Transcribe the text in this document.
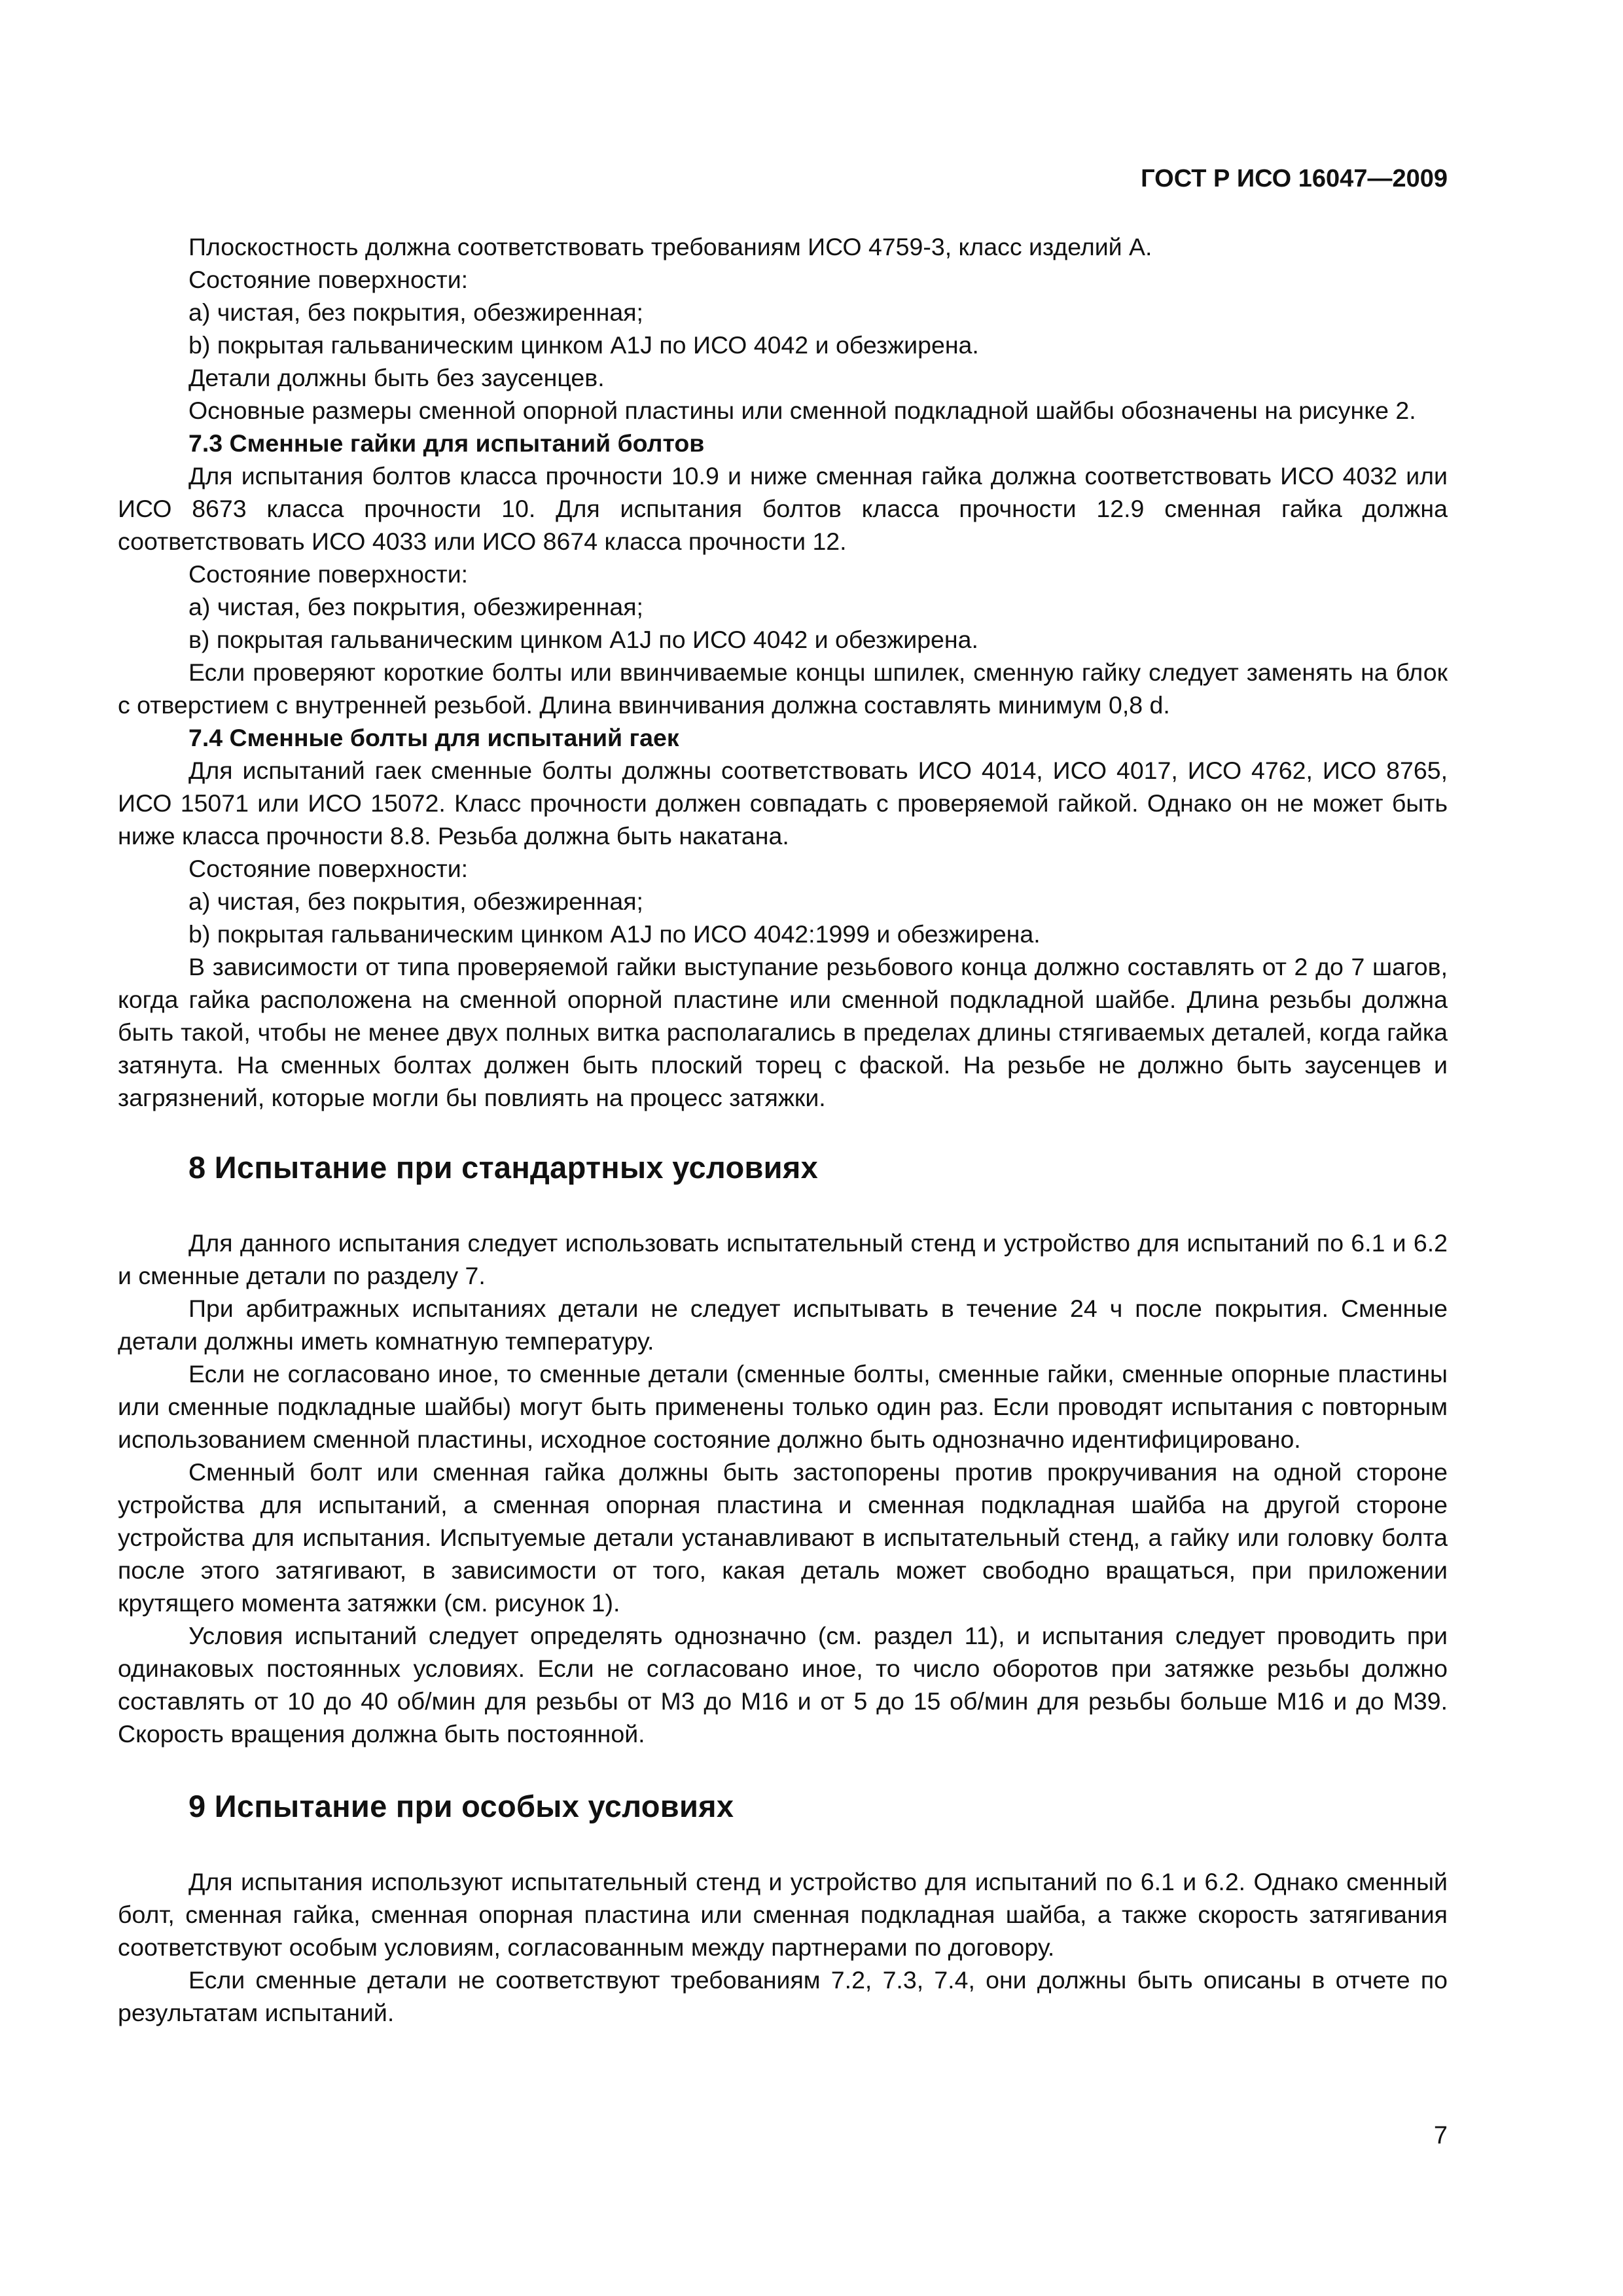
ГОСТ Р ИСО 16047—2009

Плоскостность должна соответствовать требованиям ИСО 4759-3, класс изделий А.

Состояние поверхности:

а) чистая, без покрытия, обезжиренная;

b) покрытая гальваническим цинком A1J по ИСО 4042 и обезжирена.

Детали должны быть без заусенцев.

Основные размеры сменной опорной пластины или сменной подкладной шайбы обозначены на рисунке 2.

7.3 Сменные гайки для испытаний болтов

Для испытания болтов класса прочности 10.9 и ниже сменная гайка должна соответствовать ИСО 4032 или ИСО 8673 класса прочности 10. Для испытания болтов класса прочности 12.9 сменная гайка должна соответствовать ИСО 4033 или ИСО 8674 класса прочности 12.

Состояние поверхности:

а) чистая, без покрытия, обезжиренная;

в) покрытая гальваническим цинком A1J по ИСО 4042 и обезжирена.

Если проверяют короткие болты или ввинчиваемые концы шпилек, сменную гайку следует заменять на блок с отверстием с внутренней резьбой. Длина ввинчивания должна составлять минимум 0,8 d.

7.4 Сменные болты для испытаний гаек

Для испытаний гаек сменные болты должны соответствовать ИСО 4014, ИСО 4017, ИСО 4762, ИСО 8765, ИСО 15071 или ИСО 15072. Класс прочности должен совпадать с проверяемой гайкой. Однако он не может быть ниже класса прочности 8.8. Резьба должна быть накатана.

Состояние поверхности:

а) чистая, без покрытия, обезжиренная;

b) покрытая гальваническим цинком A1J по ИСО 4042:1999 и обезжирена.

В зависимости от типа проверяемой гайки выступание резьбового конца должно составлять от 2 до 7 шагов, когда гайка расположена на сменной опорной пластине или сменной подкладной шайбе. Длина резьбы должна быть такой, чтобы не менее двух полных витка располагались в пределах длины стягиваемых деталей, когда гайка затянута. На сменных болтах должен быть плоский торец с фаской. На резьбе не должно быть заусенцев и загрязнений, которые могли бы повлиять на процесс затяжки.

8 Испытание при стандартных условиях

Для данного испытания следует использовать испытательный стенд и устройство для испытаний по 6.1 и 6.2 и сменные детали по разделу 7.

При арбитражных испытаниях детали не следует испытывать в течение 24 ч после покрытия. Сменные детали должны иметь комнатную температуру.

Если не согласовано иное, то сменные детали (сменные болты, сменные гайки, сменные опорные пластины или сменные подкладные шайбы) могут быть применены только один раз. Если проводят испытания с повторным использованием сменной пластины, исходное состояние должно быть однозначно идентифицировано.

Сменный болт или сменная гайка должны быть застопорены против прокручивания на одной стороне устройства для испытаний, а сменная опорная пластина и сменная подкладная шайба на другой стороне устройства для испытания. Испытуемые детали устанавливают в испытательный стенд, а гайку или головку болта после этого затягивают, в зависимости от того, какая деталь может свободно вращаться, при приложении крутящего момента затяжки (см. рисунок 1).

Условия испытаний следует определять однозначно (см. раздел 11), и испытания следует проводить при одинаковых постоянных условиях. Если не согласовано иное, то число оборотов при затяжке резьбы должно составлять от 10 до 40 об/мин для резьбы от М3 до М16 и от 5 до 15 об/мин для резьбы больше М16 и до М39. Скорость вращения должна быть постоянной.

9 Испытание при особых условиях

Для испытания используют испытательный стенд и устройство для испытаний по 6.1 и 6.2. Однако сменный болт, сменная гайка, сменная опорная пластина или сменная подкладная шайба, а также скорость затягивания соответствуют особым условиям, согласованным между партнерами по договору.

Если сменные детали не соответствуют требованиям 7.2, 7.3, 7.4, они должны быть описаны в отчете по результатам испытаний.

7
